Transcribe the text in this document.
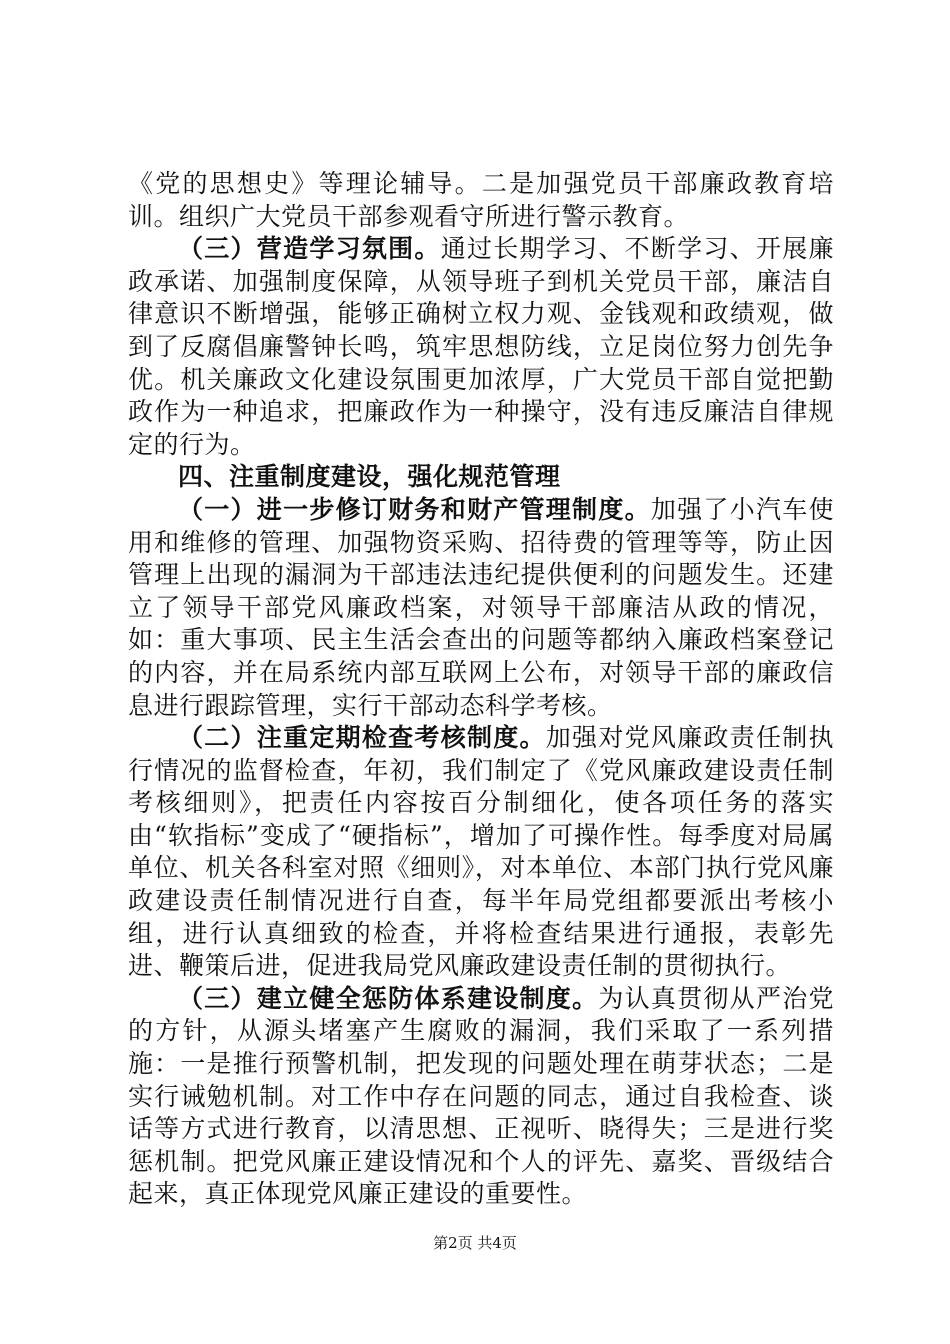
《党的思想史》等理论辅导。二是加强党员干部廉政教育培训。组织广大党员干部参观看守所进行警示教育。

（三）营造学习氛围。通过长期学习、不断学习、开展廉政承诺、加强制度保障，从领导班子到机关党员干部，廉洁自律意识不断增强，能够正确树立权力观、金钱观和政绩观，做到了反腐倡廉警钟长鸣，筑牢思想防线，立足岗位努力创先争优。机关廉政文化建设氛围更加浓厚，广大党员干部自觉把勤政作为一种追求，把廉政作为一种操守，没有违反廉洁自律规定的行为。

四、注重制度建设，强化规范管理

（一）进一步修订财务和财产管理制度。加强了小汽车使用和维修的管理、加强物资采购、招待费的管理等等，防止因管理上出现的漏洞为干部违法违纪提供便利的问题发生。还建立了领导干部党风廉政档案，对领导干部廉洁从政的情况，如：重大事项、民主生活会查出的问题等都纳入廉政档案登记的内容，并在局系统内部互联网上公布，对领导干部的廉政信息进行跟踪管理，实行干部动态科学考核。

（二）注重定期检查考核制度。加强对党风廉政责任制执行情况的监督检查，年初，我们制定了《党风廉政建设责任制考核细则》，把责任内容按百分制细化，使各项任务的落实由“软指标”变成了“硬指标”，增加了可操作性。每季度对局属单位、机关各科室对照《细则》，对本单位、本部门执行党风廉政建设责任制情况进行自查，每半年局党组都要派出考核小组，进行认真细致的检查，并将检查结果进行通报，表彰先进、鞭策后进，促进我局党风廉政建设责任制的贯彻执行。

（三）建立健全惩防体系建设制度。为认真贯彻从严治党的方针，从源头堵塞产生腐败的漏洞，我们采取了一系列措施：一是推行预警机制，把发现的问题处理在萌芽状态；二是实行诫勉机制。对工作中存在问题的同志，通过自我检查、谈话等方式进行教育，以清思想、正视听、晓得失；三是进行奖惩机制。把党风廉正建设情况和个人的评先、嘉奖、晋级结合起来，真正体现党风廉正建设的重要性。

第2页 共4页
